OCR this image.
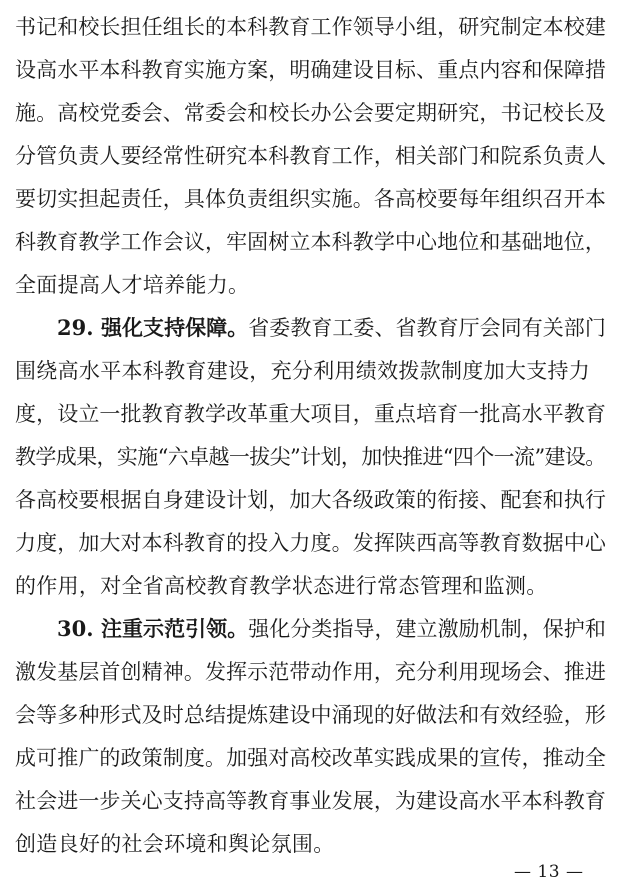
书记和校长担任组长的本科教育工作领导小组，研究制定本校建
设高水平本科教育实施方案，明确建设目标、重点内容和保障措
施。高校党委会、常委会和校长办公会要定期研究，书记校长及
分管负责人要经常性研究本科教育工作，相关部门和院系负责人
要切实担起责任，具体负责组织实施。各高校要每年组织召开本
科教育教学工作会议，牢固树立本科教学中心地位和基础地位，
全面提高人才培养能力。
29. 强化支持保障。省委教育工委、省教育厅会同有关部门
围绕高水平本科教育建设，充分利用绩效拨款制度加大支持力
度，设立一批教育教学改革重大项目，重点培育一批高水平教育
教学成果，实施“六卓越一拔尖”计划，加快推进“四个一流”建设。
各高校要根据自身建设计划，加大各级政策的衔接、配套和执行
力度，加大对本科教育的投入力度。发挥陕西高等教育数据中心
的作用，对全省高校教育教学状态进行常态管理和监测。
30. 注重示范引领。强化分类指导，建立激励机制，保护和
激发基层首创精神。发挥示范带动作用，充分利用现场会、推进
会等多种形式及时总结提炼建设中涌现的好做法和有效经验，形
成可推广的政策制度。加强对高校改革实践成果的宣传，推动全
社会进一步关心支持高等教育事业发展，为建设高水平本科教育
创造良好的社会环境和舆论氛围。
— 13 —
